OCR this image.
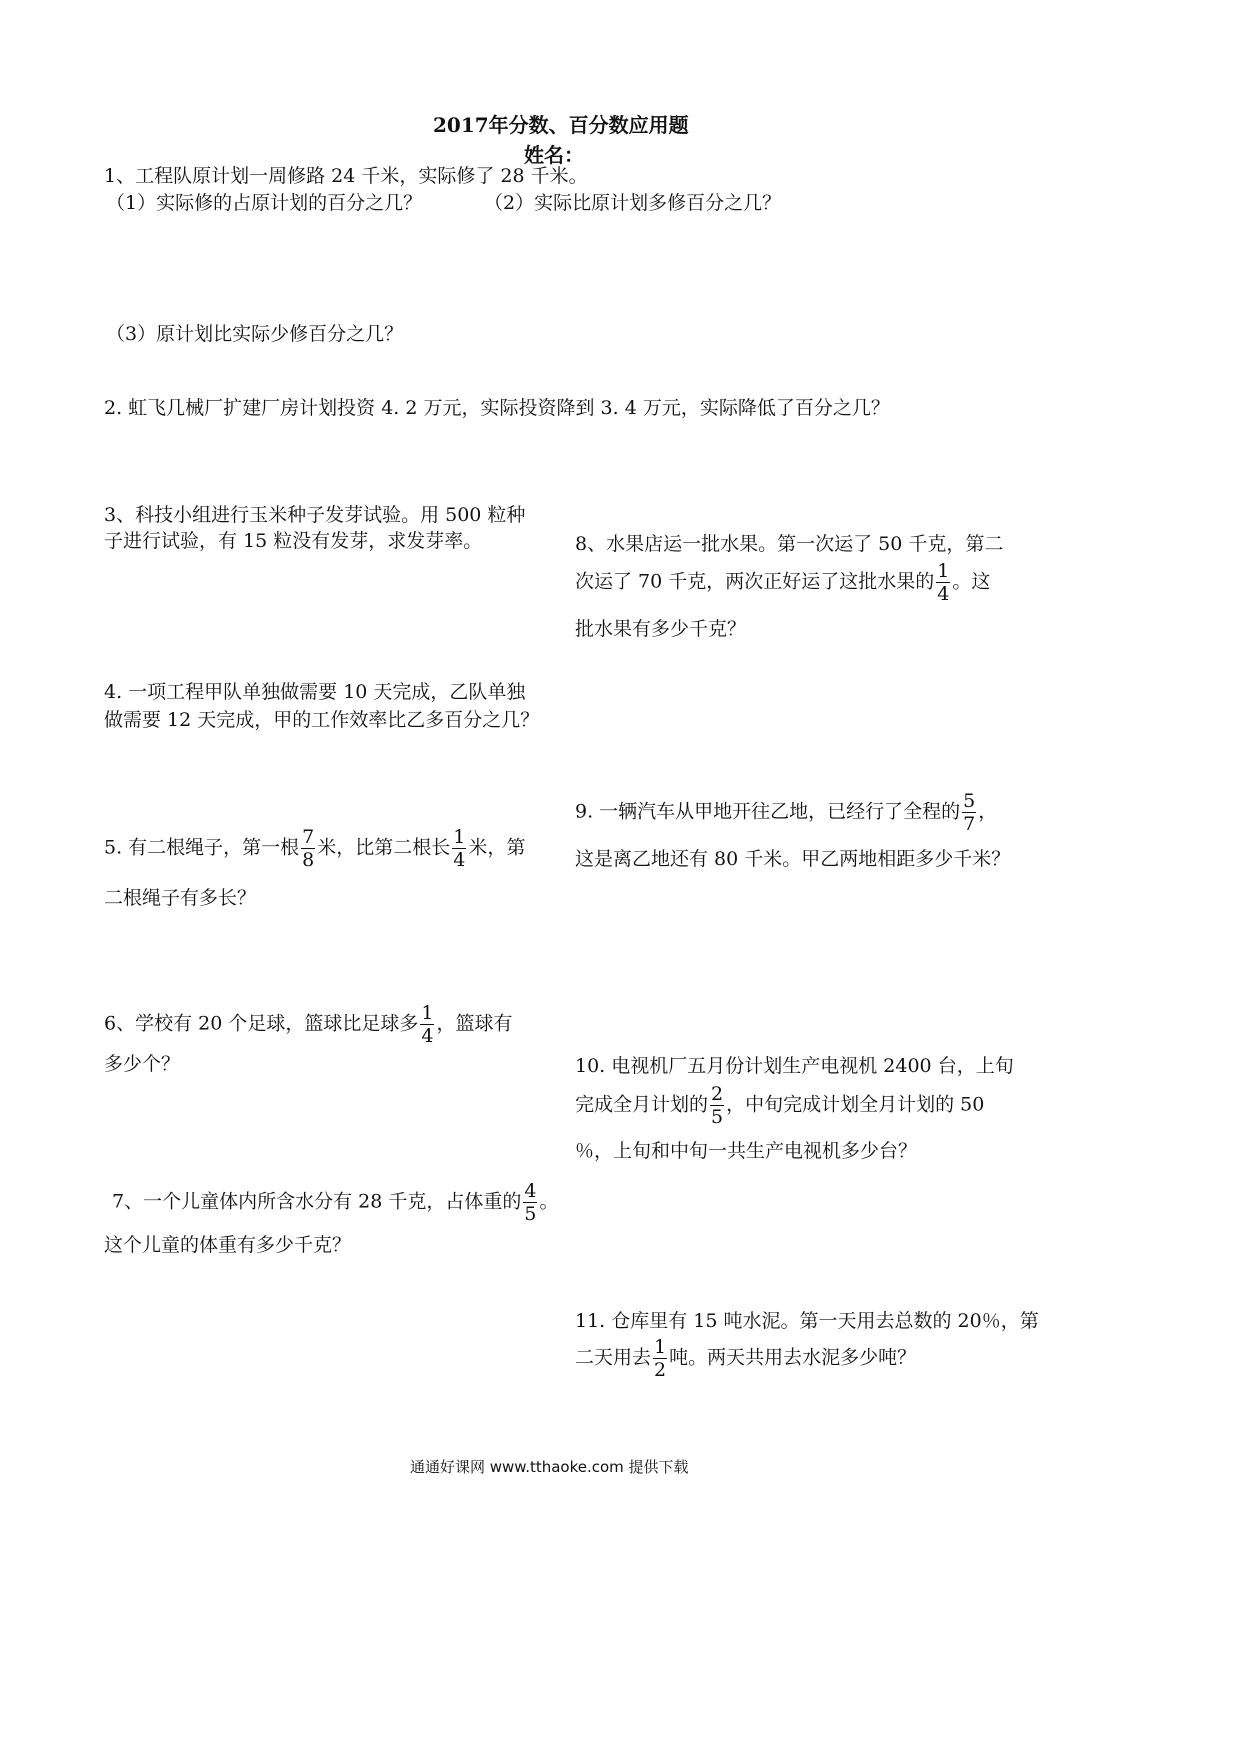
2017年分数、百分数应用题
姓名：
1、工程队原计划一周修路 24 千米，实际修了 28 千米。
（1）实际修的占原计划的百分之几？	（2）实际比原计划多修百分之几？
（3）原计划比实际少修百分之几？
2. 虹飞几械厂扩建厂房计划投资 4. 2 万元，实际投资降到 3. 4 万元，实际降低了百分之几？
3、科技小组进行玉米种子发芽试验。用 500 粒种
子进行试验，有 15 粒没有发芽，求发芽率。	8、水果店运一批水果。第一次运了 50 千克，第二
次运了 70 千克，两次正好运了这批水果的 $\frac{1}{4}$ 。这
批水果有多少千克？
4. 一项工程甲队单独做需要 10 天完成，乙队单独
做需要 12 天完成，甲的工作效率比乙多百分之几？
9. 一辆汽车从甲地开往乙地，已经行了全程的 $\frac{5}{7}$ ，
这是离乙地还有 80 千米。甲乙两地相距多少千米？
5. 有二根绳子，第一根 $\frac{7}{8}$ 米，比第二根长 $\frac{1}{4}$ 米，第
二根绳子有多长？
6、学校有 20 个足球，篮球比足球多 $\frac{1}{4}$ ，篮球有
多少个？	10. 电视机厂五月份计划生产电视机 2400 台，上旬
完成全月计划的 $\frac{2}{5}$ ，中旬完成计划全月计划的 50
％，上旬和中旬一共生产电视机多少台？
7、一个儿童体内所含水分有 28 千克，占体重的 $\frac{4}{5}$ 。
这个儿童的体重有多少千克？
11. 仓库里有 15 吨水泥。第一天用去总数的 20％，第
二天用去 $\frac{1}{2}$ 吨。两天共用去水泥多少吨？
通通好课网 www.tthaoke.com 提供下载
